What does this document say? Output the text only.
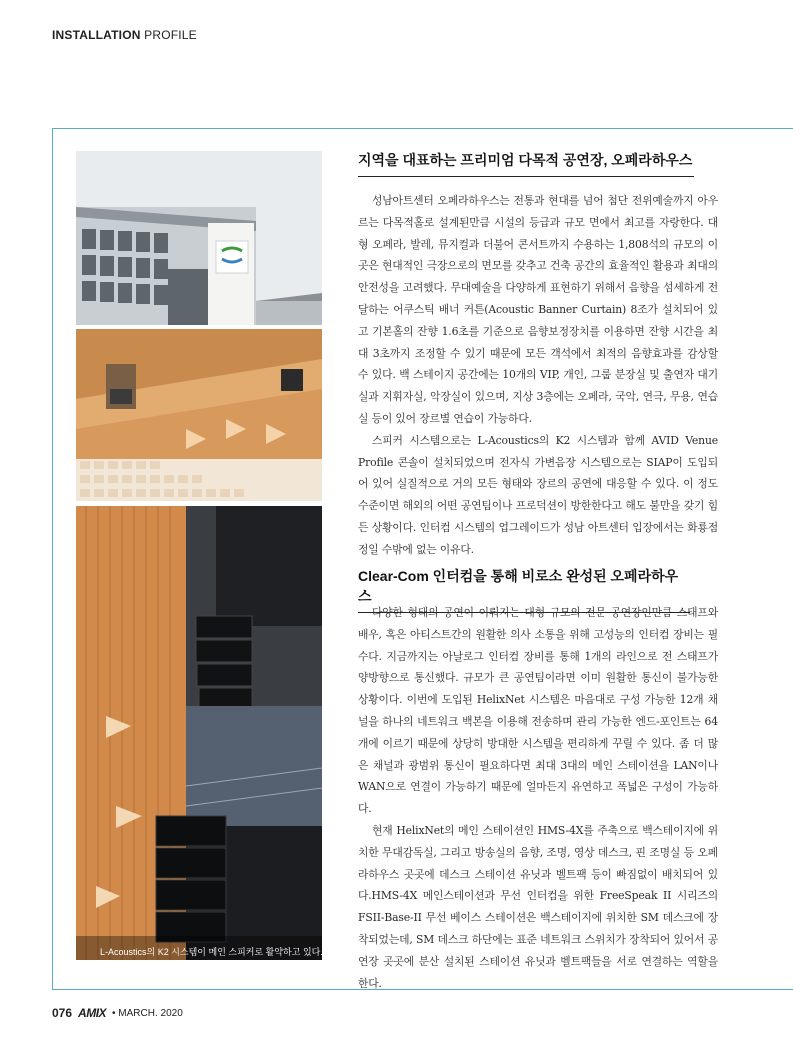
INSTALLATION PROFILE
L-Acoustics의 K2 시스템이 메인 스피커로 활약하고 있다.
지역을 대표하는 프리미엄 다목적 공연장, 오페라하우스

성남아트센터 오페라하우스는 전통과 현대를 넘어 첨단 전위예술까지 아우르는 다목적홀로 설계된만큼 시설의 등급과 규모 면에서 최고를 자랑한다. 대형 오페라, 발레, 뮤지컬과 더불어 콘서트까지 수용하는 1,808석의 규모의 이 곳은 현대적인 극장으로의 면모를 갖추고 건축 공간의 효율적인 활용과 최대의 안전성을 고려했다. 무대예술을 다양하게 표현하기 위해서 음향을 섬세하게 전달하는 어쿠스틱 배너 커튼(Acoustic Banner Curtain) 8조가 설치되어 있고 기본홀의 잔향 1.6초를 기준으로 음향보정장치를 이용하면 잔향 시간을 최대 3초까지 조정할 수 있기 때문에 모든 객석에서 최적의 음향효과를 감상할 수 있다. 백 스테이지 공간에는 10개의 VIP, 개인, 그룹 분장실 및 출연자 대기실과 지휘자실, 악장실이 있으며, 지상 3층에는 오페라, 국악, 연극, 무용, 연습실 등이 있어 장르별 연습이 가능하다.

스피커 시스템으로는 L-Acoustics의 K2 시스템과 함께 AVID Venue Profile 콘솔이 설치되었으며 전자식 가변음장 시스템으로는 SIAP이 도입되어 있어 실질적으로 거의 모든 형태와 장르의 공연에 대응할 수 있다. 이 정도 수준이면 해외의 어떤 공연팀이나 프로덕션이 방한한다고 해도 불만을 갖기 힘든 상황이다. 인터컴 시스템의 업그레이드가 성남 아트센터 입장에서는 화룡점정일 수밖에 없는 이유다.

Clear-Com 인터컴을 통해 비로소 완성된 오페라하우스

다양한 형태의 공연이 이뤄지는 대형 규모의 전문 공연장인만큼 스태프와 배우, 혹은 아티스트간의 원활한 의사 소통을 위해 고성능의 인터컴 장비는 필수다. 지금까지는 아날로그 인터컴 장비를 통해 1개의 라인으로 전 스태프가 양방향으로 통신했다. 규모가 큰 공연팀이라면 이미 원활한 통신이 불가능한 상황이다. 이번에 도입된 HelixNet 시스템은 마음대로 구성 가능한 12개 채널을 하나의 네트워크 백본을 이용해 전송하며 관리 가능한 엔드-포인트는 64개에 이르기 때문에 상당히 방대한 시스템을 편리하게 꾸릴 수 있다. 좀 더 많은 채널과 광범위 통신이 필요하다면 최대 3대의 메인 스테이션을 LAN이나 WAN으로 연결이 가능하기 때문에 얼마든지 유연하고 폭넓은 구성이 가능하다.

현재 HelixNet의 메인 스테이션인 HMS-4X를 주축으로 백스테이지에 위치한 무대감독실, 그리고 방송실의 음향, 조명, 영상 데스크, 핀 조명실 등 오페라하우스 곳곳에 데스크 스테이션 유닛과 벨트팩 등이 빠짐없이 배치되어 있다.HMS-4X 메인스테이션과 무선 인터컴을 위한 FreeSpeak II 시리즈의 FSII-Base-II 무선 베이스 스테이션은 백스테이지에 위치한 SM 데스크에 장착되었는데, SM 데스크 하단에는 표준 네트워크 스위치가 장착되어 있어서 공연장 곳곳에 분산 설치된 스테이션 유닛과 벨트팩들을 서로 연결하는 역할을 한다.

076 AMIX • MARCH. 2020
